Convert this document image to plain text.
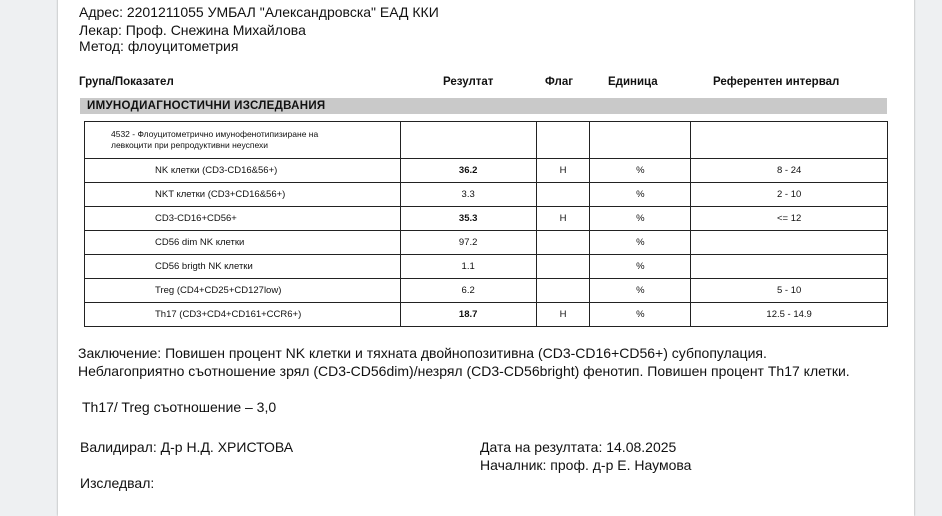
Адрес: 2201211055 УМБАЛ "Александровска" ЕАД ККИ
Лекар: Проф. Снежина Михайлова
Метод: флоуцитометрия
Група/Показател	Резултат	Флаг	Единица	Референтен интервал
ИМУНОДИАГНОСТИЧНИ ИЗСЛЕДВАНИЯ
4532 - Флоуцитометрично имунофенотипизиране на
левкоцити при репродуктивни неуспехи				

NK клетки (CD3-CD16&56+)	36.2	H	%	8 - 24
NKT клетки (CD3+CD16&56+)	3.3		%	2 - 10
CD3-CD16+CD56+	35.3	H	%	<= 12
CD56 dim NK клетки	97.2		%	
CD56 brigth NK клетки	1.1		%	
Treg (CD4+CD25+CD127low)	6.2		%	5 - 10
Th17 (CD3+CD4+CD161+CCR6+)	18.7	H	%	12.5 - 14.9
Заключение: Повишен процент NK клетки и тяхната двойнопозитивна (CD3-CD16+CD56+) субпопулация.
Неблагоприятно съотношение зрял (CD3-CD56dim)/незрял (CD3-CD56bright) фенотип. Повишен процент Th17 клетки.
Th17/ Treg съотношение – 3,0
Валидирал: Д-р Н.Д. ХРИСТОВА	Дата на резултата: 14.08.2025
Началник: проф. д-р Е. Наумова
Изследвал:
